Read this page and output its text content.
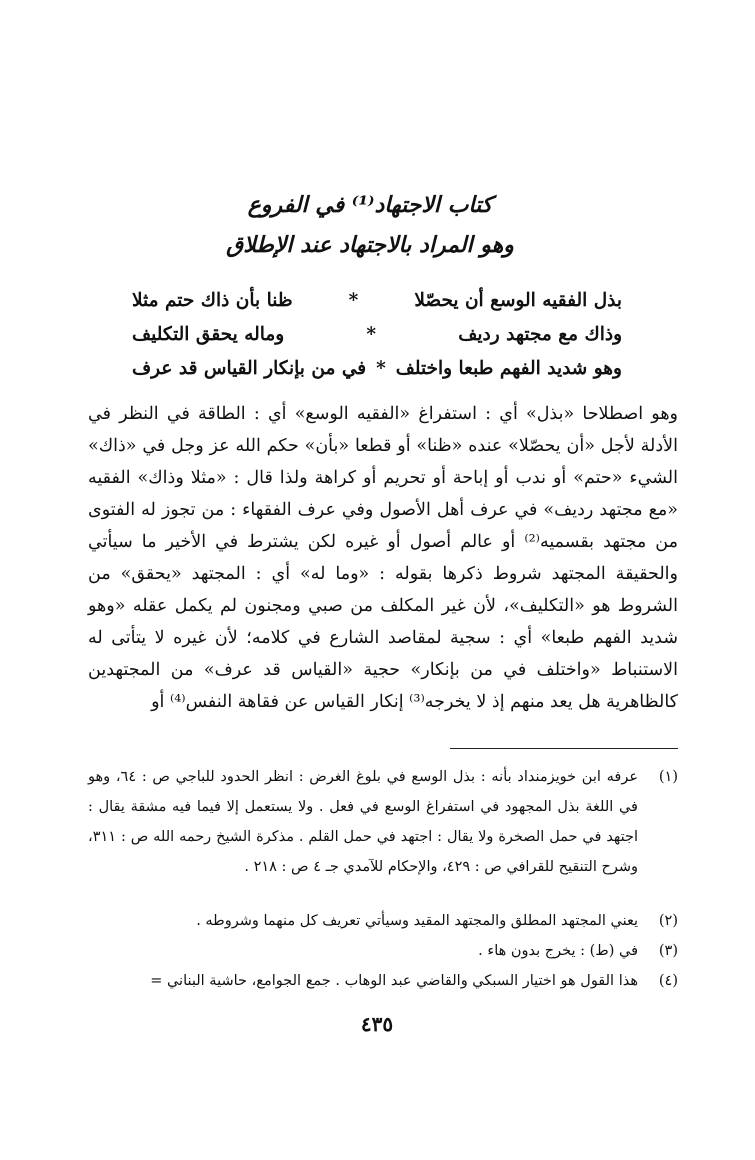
كتاب الاجتهاد⁽¹⁾ في الفروع
وهو المراد بالاجتهاد عند الإطلاق
بذل الفقيه الوسع أن يحصّلا
*
ظنا بأن ذاك حتم مثلا
وذاك مع مجتهد رديف
*
وماله يحقق التكليف
وهو شديد الفهم طبعا واختلف
*
في من بإنكار القياس قد عرف

وهو اصطلاحا «بذل» أي : استفراغ «الفقيه الوسع» أي : الطاقة في النظر في الأدلة لأجل «أن يحصّلا» عنده «ظنا» أو قطعا «بأن» حكم الله عز وجل في «ذاك» الشيء «حتم» أو ندب أو إباحة أو تحريم أو كراهة ولذا قال : «مثلا وذاك» الفقيه «مع مجتهد رديف» في عرف أهل الأصول وفي عرف الفقهاء : من تجوز له الفتوى من مجتهد بقسميه⁽²⁾ أو عالم أصول أو غيره لكن يشترط في الأخير ما سيأتي والحقيقة المجتهد شروط ذكرها بقوله : «وما له» أي : المجتهد «يحقق» من الشروط هو «التكليف»، لأن غير المكلف من صبي ومجنون لم يكمل عقله «وهو شديد الفهم طبعا» أي : سجية لمقاصد الشارع في كلامه؛ لأن غيره لا يتأتى له الاستنباط «واختلف في من بإنكار» حجية «القياس قد عرف» من المجتهدين كالظاهرية هل يعد منهم إذ لا يخرجه⁽³⁾ إنكار القياس عن فقاهة النفس⁽⁴⁾ أو

(١)
عرفه ابن خويزمنداد بأنه : بذل الوسع في بلوغ الغرض : انظر الحدود للباجي ص : ٦٤، وهو في اللغة بذل المجهود في استفراغ الوسع في فعل . ولا يستعمل إلا فيما فيه مشقة يقال : اجتهد في حمل الصخرة ولا يقال : اجتهد في حمل القلم . مذكرة الشيخ رحمه الله ص : ٣١١، وشرح التنقيح للقرافي ص : ٤٢٩، والإحكام للآمدي جـ ٤ ص : ٢١٨ .
(٢)
يعني المجتهد المطلق والمجتهد المقيد وسيأتي تعريف كل منهما وشروطه .
(٣)
في (ط) : يخرج بدون هاء .
(٤)
هذا القول هو اختيار السبكي والقاضي عبد الوهاب . جمع الجوامع، حاشية البناني =
٤٣٥
